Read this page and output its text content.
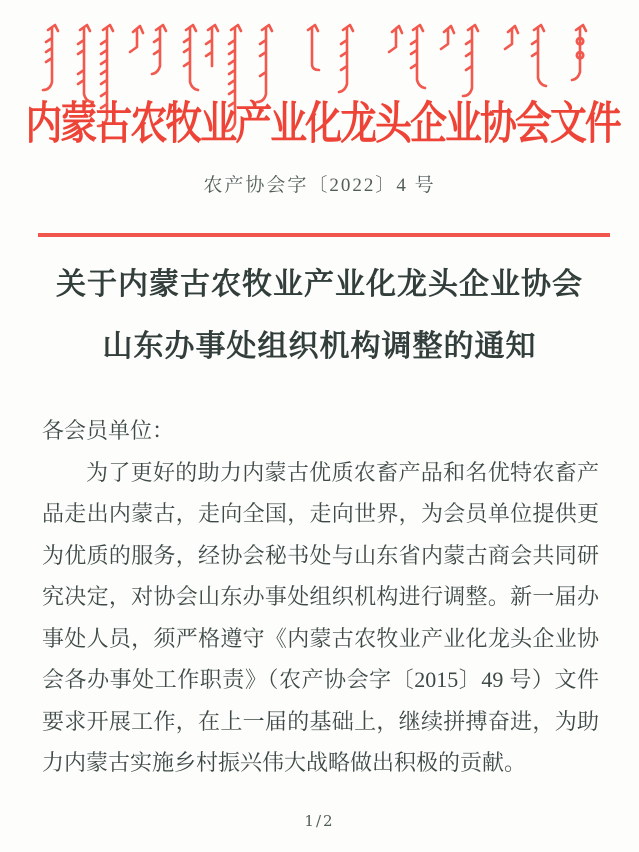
内蒙古农牧业产业化龙头企业协会文件
农产协会字〔2022〕4 号
关于内蒙古农牧业产业化龙头企业协会
山东办事处组织机构调整的通知

各会员单位：

为了更好的助力内蒙古优质农畜产品和名优特农畜产品走出内蒙古，走向全国，走向世界，为会员单位提供更为优质的服务，经协会秘书处与山东省内蒙古商会共同研究决定，对协会山东办事处组织机构进行调整。新一届办事处人员，须严格遵守《内蒙古农牧业产业化龙头企业协会各办事处工作职责》（农产协会字〔2015〕49 号）文件要求开展工作，在上一届的基础上，继续拼搏奋进，为助力内蒙古实施乡村振兴伟大战略做出积极的贡献。

1/2
